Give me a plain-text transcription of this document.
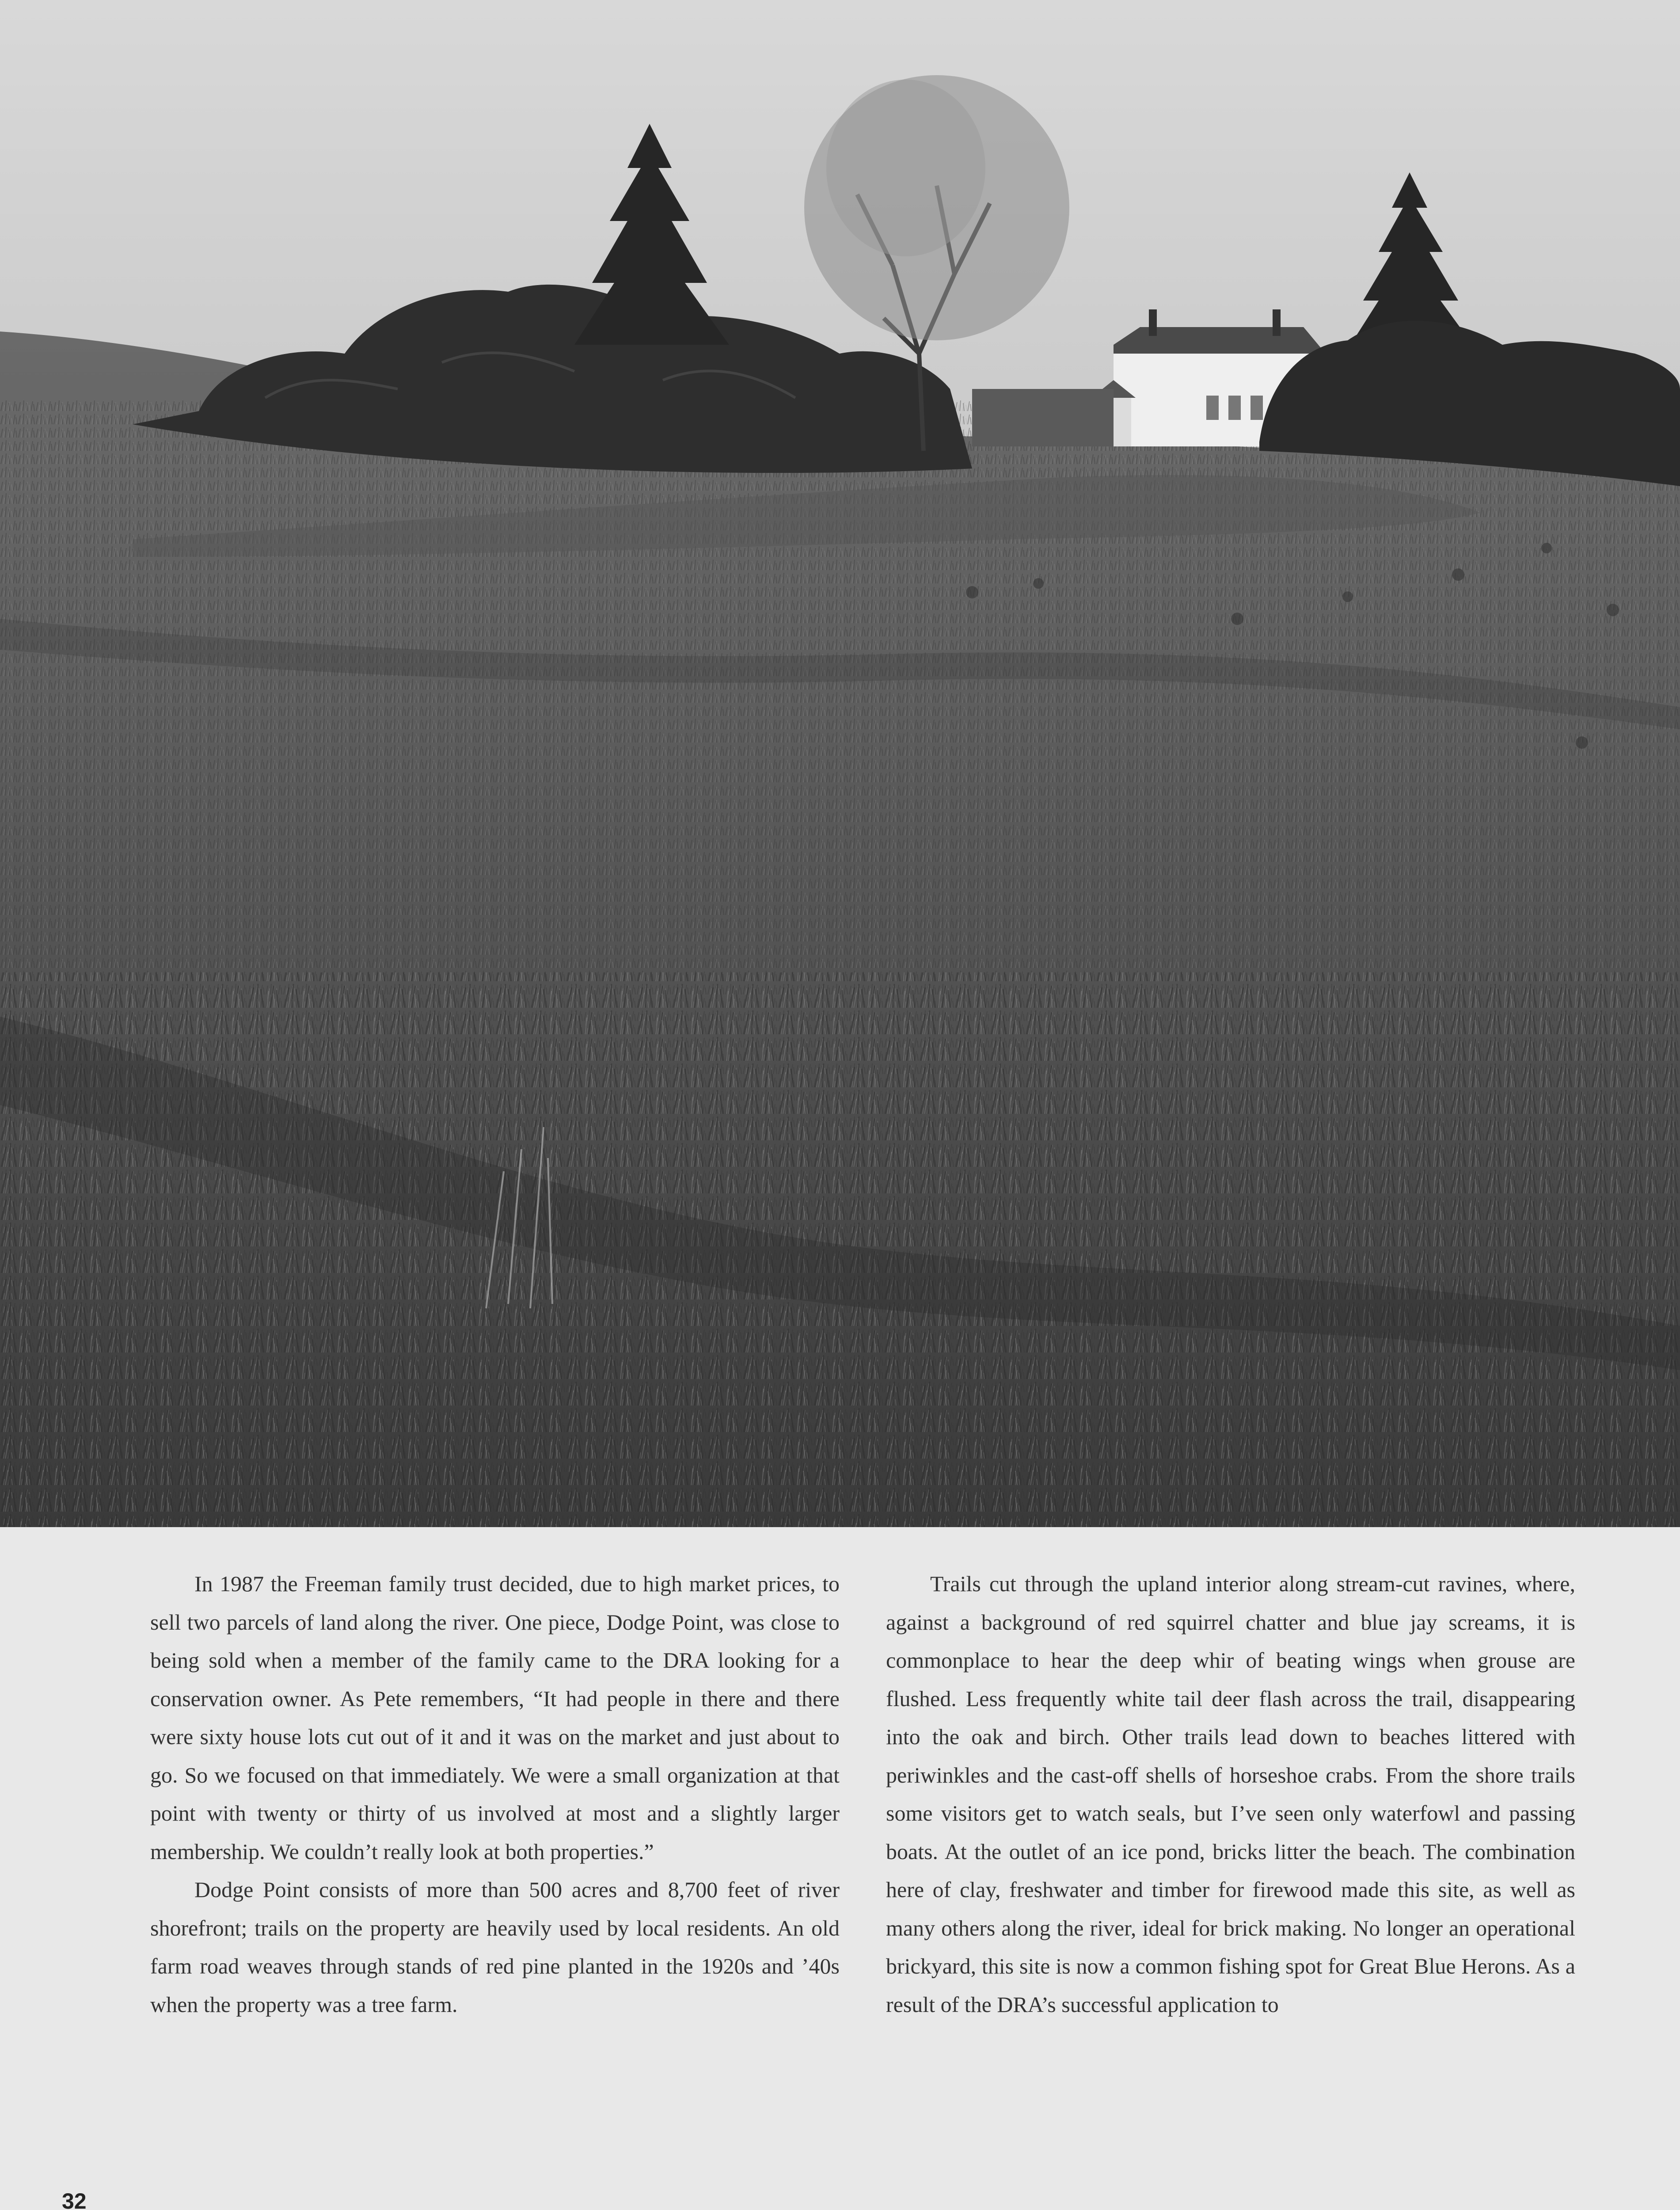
In 1987 the Freeman family trust decided, due to high market prices, to sell two parcels of land along the river. One piece, Dodge Point, was close to being sold when a member of the family came to the DRA looking for a conservation owner. As Pete remembers, “It had people in there and there were sixty house lots cut out of it and it was on the market and just about to go. So we focused on that immediately. We were a small organization at that point with twenty or thirty of us involved at most and a slightly larger membership. We couldn’t really look at both properties.”

Dodge Point consists of more than 500 acres and 8,700 feet of river shorefront; trails on the property are heavily used by local residents. An old farm road weaves through stands of red pine planted in the 1920s and ’40s when the property was a tree farm.

Trails cut through the upland interior along stream-cut ravines, where, against a background of red squirrel chatter and blue jay screams, it is commonplace to hear the deep whir of beating wings when grouse are flushed. Less frequently white tail deer flash across the trail, disappearing into the oak and birch. Other trails lead down to beaches littered with periwinkles and the cast-off shells of horseshoe crabs. From the shore trails some visitors get to watch seals, but I’ve seen only waterfowl and passing boats. At the outlet of an ice pond, bricks litter the beach. The combination here of clay, freshwater and timber for firewood made this site, as well as many others along the river, ideal for brick making. No longer an operational brickyard, this site is now a common fishing spot for Great Blue Herons. As a result of the DRA’s successful application to

32
